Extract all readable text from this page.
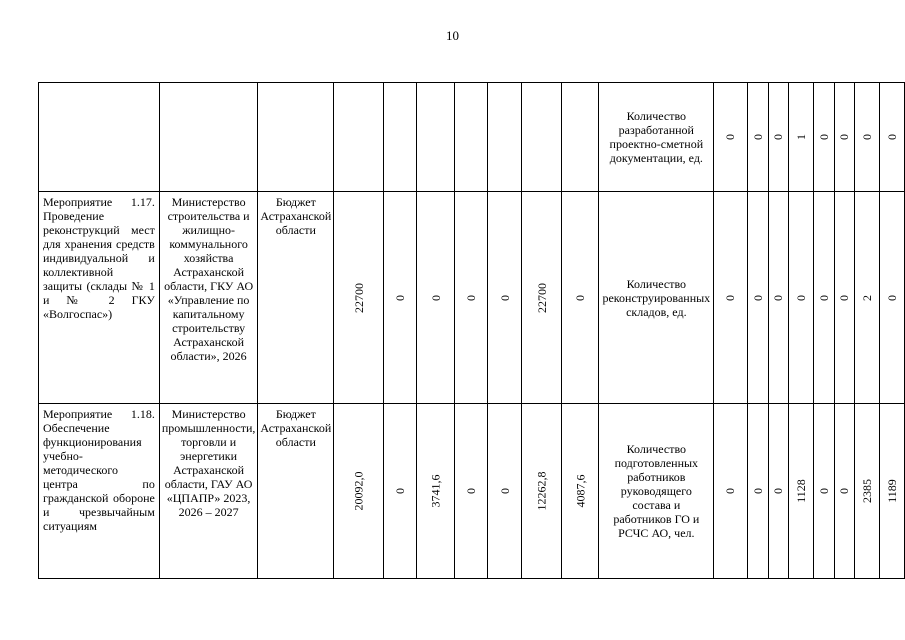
10
										Количество разработанной проектно-сметной документации, ед.	0	0	0	1	0	0	0	0
Мероприятие 1.17. Проведение реконструкций мест для хранения средств индивидуальной и коллективной защиты (склады № 1 и № 2 ГКУ «Волгоспас»)	Министерство строительства и жилищно-коммунального хозяйства Астраханской области, ГКУ АО «Управление по капитальному строительству Астраханской области», 2026	Бюджет Астраханской области	22700	0	0	0	0	22700	0	Количество реконструированных складов, ед.	0	0	0	0	0	0	2	0
Мероприятие 1.18. Обеспечение функционирования учебно-методического центра по гражданской обороне и чрезвычайным ситуациям	Министерство промышленности, торговли и энергетики Астраханской области, ГАУ АО «ЦПАПР» 2023, 2026 – 2027	Бюджет Астраханской области	20092,0	0	3741,6	0	0	12262,8	4087,6	Количество подготовленных работников руководящего состава и работников ГО и РСЧС АО, чел.	0	0	0	1128	0	0	2385	1189
